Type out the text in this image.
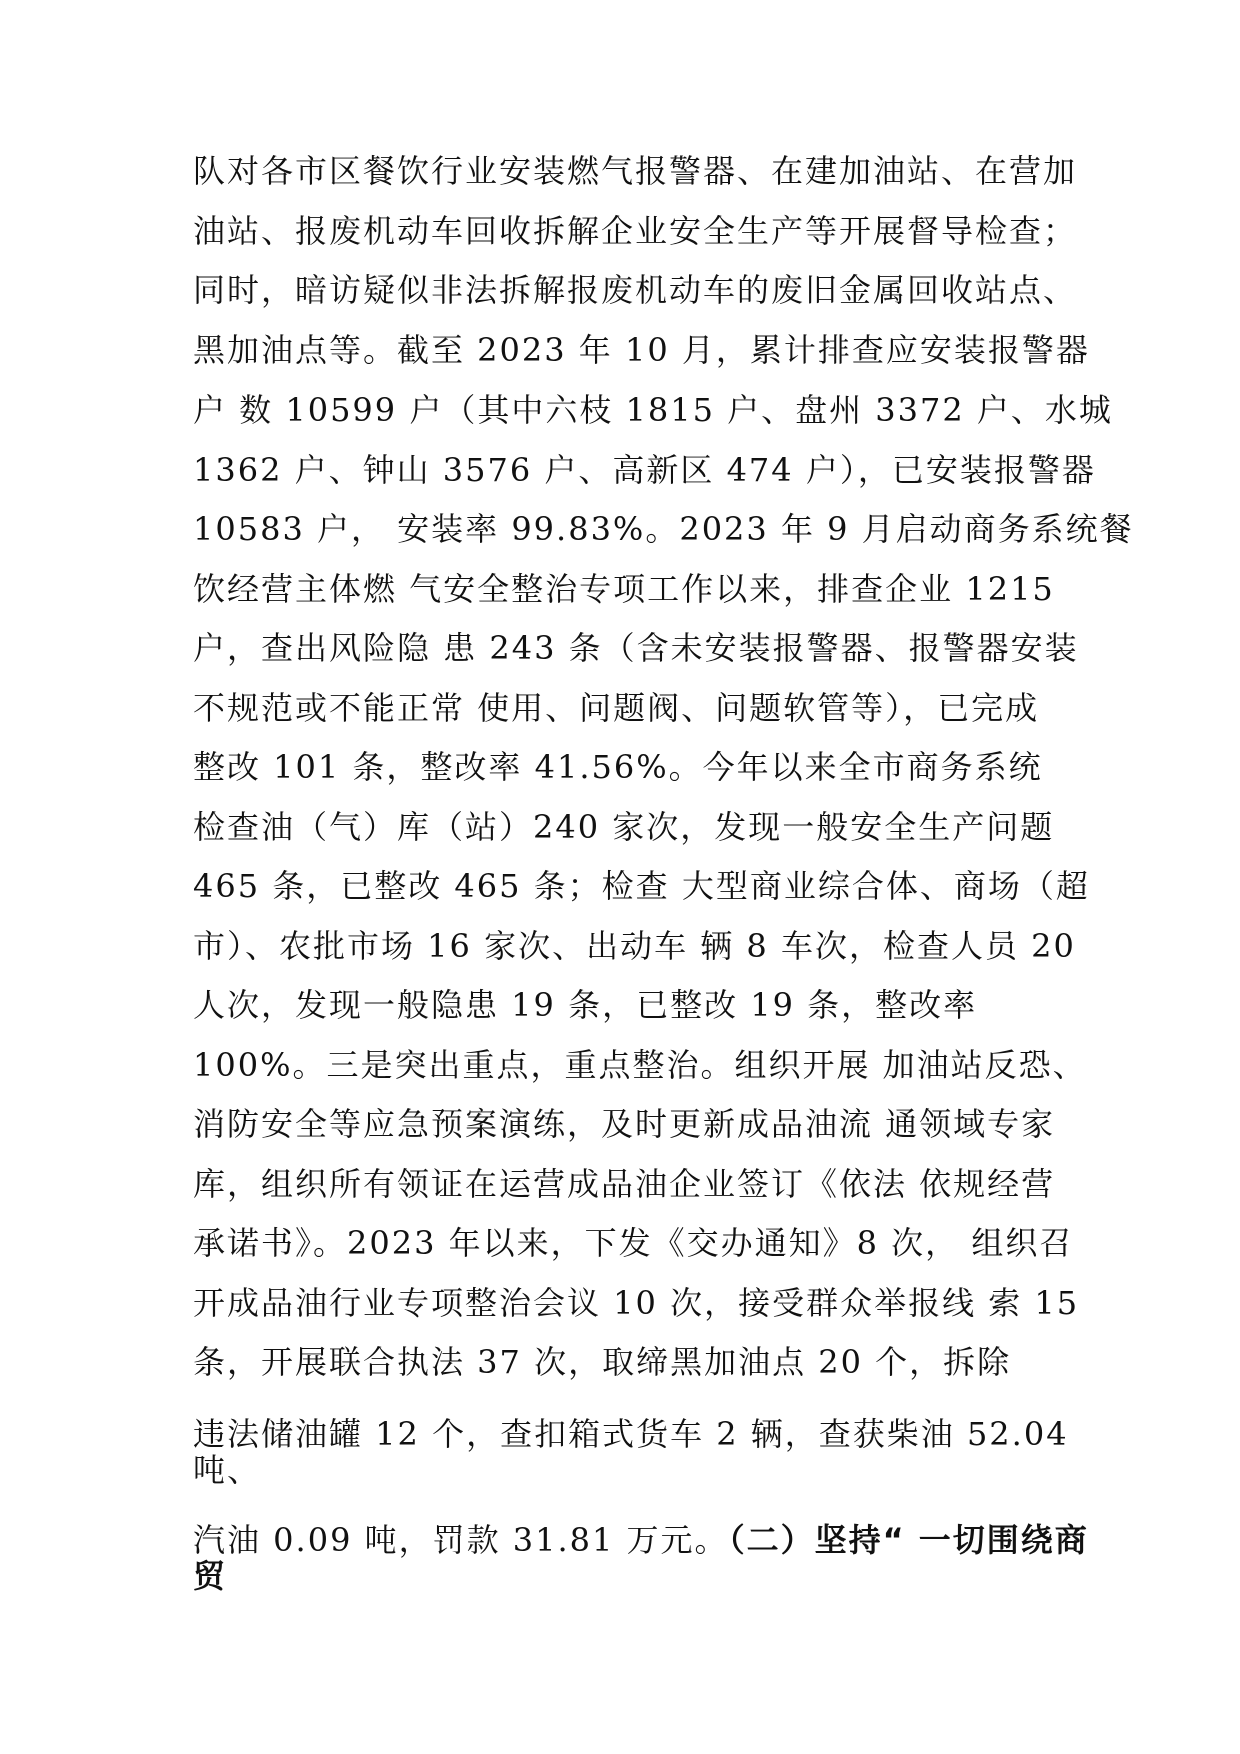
队对各市区餐饮行业安装燃气报警器、在建加油站、在营加
油站、报废机动车回收拆解企业安全生产等开展督导检查；
同时，暗访疑似非法拆解报废机动车的废旧金属回收站点、
黑加油点等。截至 2023 年 10 月，累计排查应安装报警器
户 数 10599 户（其中六枝 1815 户、盘州 3372 户、水城
1362 户、钟山 3576 户、高新区 474 户），已安装报警器
10583 户， 安装率 99.83%。2023 年 9 月启动商务系统餐
饮经营主体燃 气安全整治专项工作以来，排查企业 1215
户，查出风险隐 患 243 条（含未安装报警器、报警器安装
不规范或不能正常 使用、问题阀、问题软管等），已完成
整改 101 条，整改率 41.56%。今年以来全市商务系统
检查油（气）库（站）240 家次，发现一般安全生产问题
465 条，已整改 465 条；检查 大型商业综合体、商场（超
市）、农批市场 16 家次、出动车 辆 8 车次，检查人员 20
人次，发现一般隐患 19 条，已整改 19 条，整改率
100%。三是突出重点，重点整治。组织开展 加油站反恐、
消防安全等应急预案演练，及时更新成品油流 通领域专家
库，组织所有领证在运营成品油企业签订《依法 依规经营
承诺书》。2023 年以来，下发《交办通知》8 次， 组织召
开成品油行业专项整治会议 10 次，接受群众举报线 索 15
条，开展联合执法 37 次，取缔黑加油点 20 个，拆除
违法储油罐 12 个，查扣箱式货车 2 辆，查获柴油 52.04
吨、
汽油 0.09 吨，罚款 31.81 万元。（二）坚持“ 一切围绕商
贸
